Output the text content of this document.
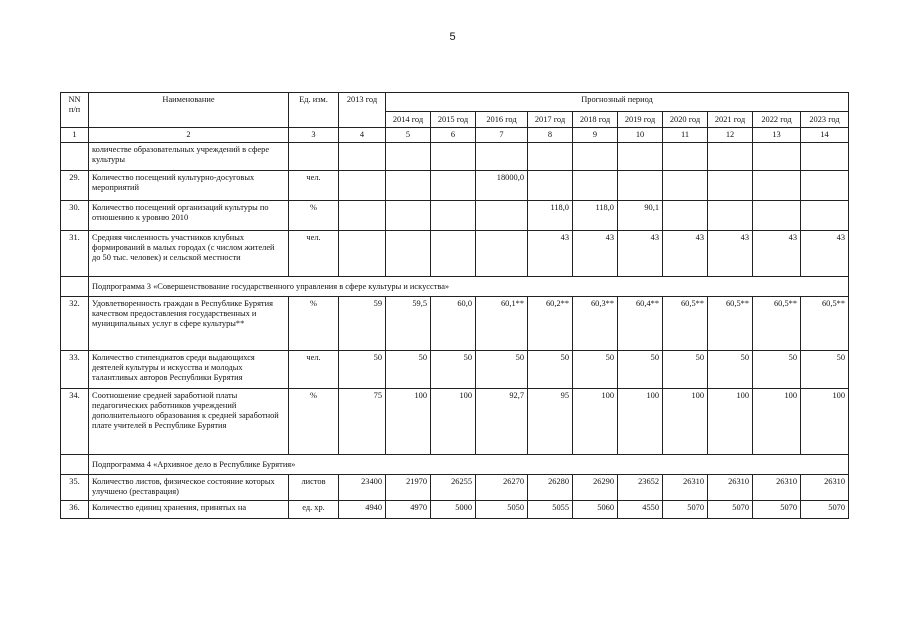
5
NN
п/п	Наименование	Ед. изм.	2013 год	Прогнозный период									
				2014 год	2015 год	2016 год	2017 год	2018 год	2019 год	2020 год	2021 год	2022 год	2023 год
1	2	3	4	5	6	7	8	9	10	11	12	13	14
	количестве образовательных учреждений в сфере культуры												
29.	Количество посещений культурно-досуговых мероприятий	чел.				18000,0							
30.	Количество посещений организаций культуры по отношению к уровню 2010	%					118,0	118,0	90,1				
31.	Средняя численность участников клубных формирований в малых городах (с числом жителей до 50 тыс. человек) и сельской местности	чел.					43	43	43	43	43	43	43
	Подпрограмма 3 «Совершенствование государственного управления в сфере культуры и искусства»												
32.	Удовлетворенность граждан в Республике Бурятия качеством предоставления государственных и муниципальных услуг в сфере культуры**	%	59	59,5	60,0	60,1**	60,2**	60,3**	60,4**	60,5**	60,5**	60,5**	60,5**
33.	Количество стипендиатов среди выдающихся деятелей культуры и искусства и молодых талантливых авторов Республики Бурятия	чел.	50	50	50	50	50	50	50	50	50	50	50
34.	Соотношение средней заработной платы педагогических работников учреждений дополнительного образования к средней заработной плате учителей в Республике Бурятия	%	75	100	100	92,7	95	100	100	100	100	100	100
	Подпрограмма 4 «Архивное дело в Республике Бурятия»												
35.	Количество листов, физическое состояние которых улучшено (реставрация)	листов	23400	21970	26255	26270	26280	26290	23652	26310	26310	26310	26310
36.	Количество единиц хранения, принятых на	ед. хр.	4940	4970	5000	5050	5055	5060	4550	5070	5070	5070	5070
